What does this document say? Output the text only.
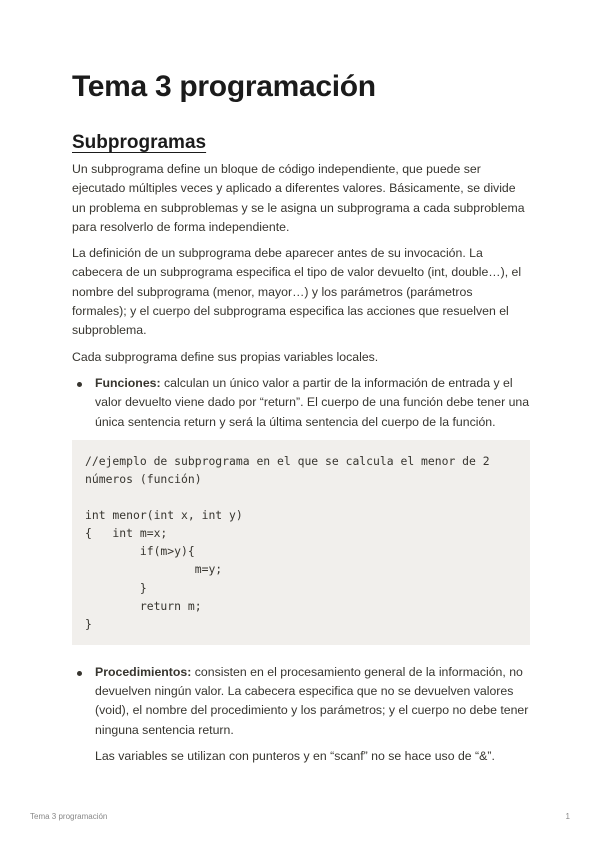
Tema 3 programación
Subprogramas

Un subprograma define un bloque de código independiente, que puede ser ejecutado múltiples veces y aplicado a diferentes valores. Básicamente, se divide un problema en subproblemas y se le asigna un subprograma a cada subproblema para resolverlo de forma independiente.

La definición de un subprograma debe aparecer antes de su invocación. La cabecera de un subprograma especifica el tipo de valor devuelto (int, double…), el nombre del subprograma (menor, mayor…) y los parámetros (parámetros formales); y el cuerpo del subprograma especifica las acciones que resuelven el subproblema.

Cada subprograma define sus propias variables locales.

Funciones: calculan un único valor a partir de la información de entrada y el valor devuelto viene dado por “return”. El cuerpo de una función debe tener una única sentencia return y será la última sentencia del cuerpo de la función.

//ejemplo de subprograma en el que se calcula el menor de 2
números (función)
int menor(int x, int y)
{   int m=x;
if(m>y){
m=y;
}
return m;
}

Procedimientos: consisten en el procesamiento general de la información, no devuelven ningún valor. La cabecera especifica que no se devuelven valores (void), el nombre del procedimiento y los parámetros; y el cuerpo no debe tener ninguna sentencia return.

Las variables se utilizan con punteros y en “scanf” no se hace uso de “&”.

Tema 3 programación	1
